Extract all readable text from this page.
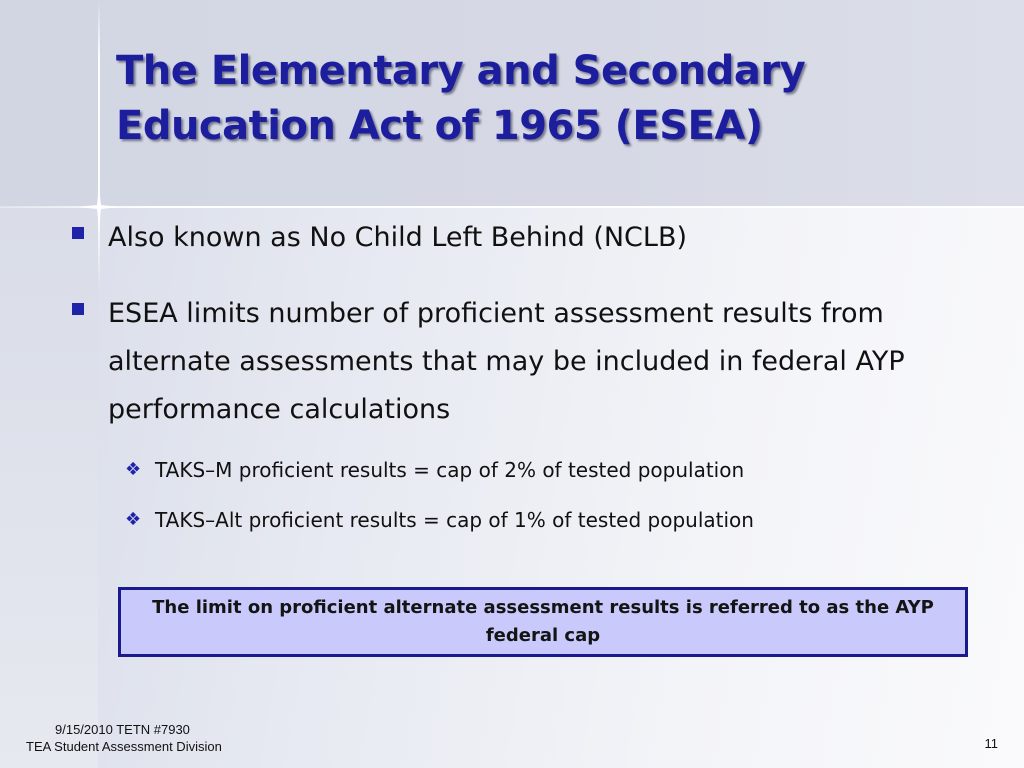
The Elementary and Secondary Education Act of 1965 (ESEA)
Also known as No Child Left Behind (NCLB)
ESEA limits number of proficient assessment results from alternate assessments that may be included in federal AYP performance calculations
❖ TAKS–M proficient results = cap of 2% of tested population
❖ TAKS–Alt proficient results = cap of 1% of tested population
The limit on proficient alternate assessment results is referred to as the AYP federal cap
9/15/2010 TETN #7930
TEA Student Assessment Division	11
